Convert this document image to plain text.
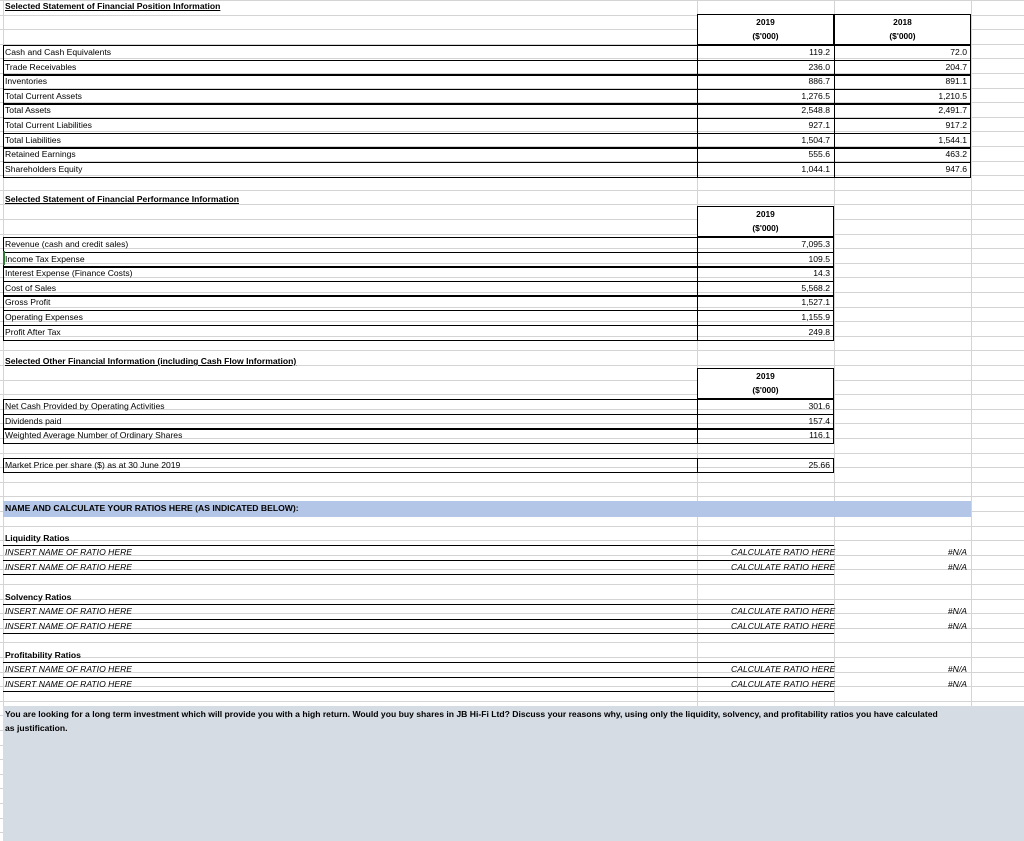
Selected Statement of Financial Position Information
2019
($'000)
2018
($'000)
Cash and Cash Equivalents	119.2	72.0
Trade Receivables	236.0	204.7
Inventories	886.7	891.1
Total Current Assets	1,276.5	1,210.5
Total Assets	2,548.8	2,491.7
Total Current Liabilities	927.1	917.2
Total Liabilities	1,504.7	1,544.1
Retained Earnings	555.6	463.2
Shareholders Equity	1,044.1	947.6
Selected Statement of Financial Performance Information
2019
($'000)
Revenue (cash and credit sales)	7,095.3
Income Tax Expense	109.5
Interest Expense (Finance Costs)	14.3
Cost of Sales	5,568.2
Gross Profit	1,527.1
Operating Expenses	1,155.9
Profit After Tax	249.8
Selected Other Financial Information (including Cash Flow Information)
2019
($'000)
Net Cash Provided by Operating Activities	301.6
Dividends paid	157.4
Weighted Average Number of Ordinary Shares	116.1
Market Price per share ($) as at 30 June 2019	25.66
NAME AND CALCULATE YOUR RATIOS HERE (AS INDICATED BELOW):
Liquidity Ratios
INSERT NAME OF RATIO HERE	CALCULATE RATIO HERE	#N/A
INSERT NAME OF RATIO HERE	CALCULATE RATIO HERE	#N/A
Solvency Ratios
INSERT NAME OF RATIO HERE	CALCULATE RATIO HERE	#N/A
INSERT NAME OF RATIO HERE	CALCULATE RATIO HERE	#N/A
Profitability Ratios
INSERT NAME OF RATIO HERE	CALCULATE RATIO HERE	#N/A
INSERT NAME OF RATIO HERE	CALCULATE RATIO HERE	#N/A
You are looking for a long term investment which will provide you with a high return. Would you buy shares in JB Hi-Fi Ltd? Discuss your reasons why, using only the liquidity, solvency, and profitability ratios you have calculated
as justification.
